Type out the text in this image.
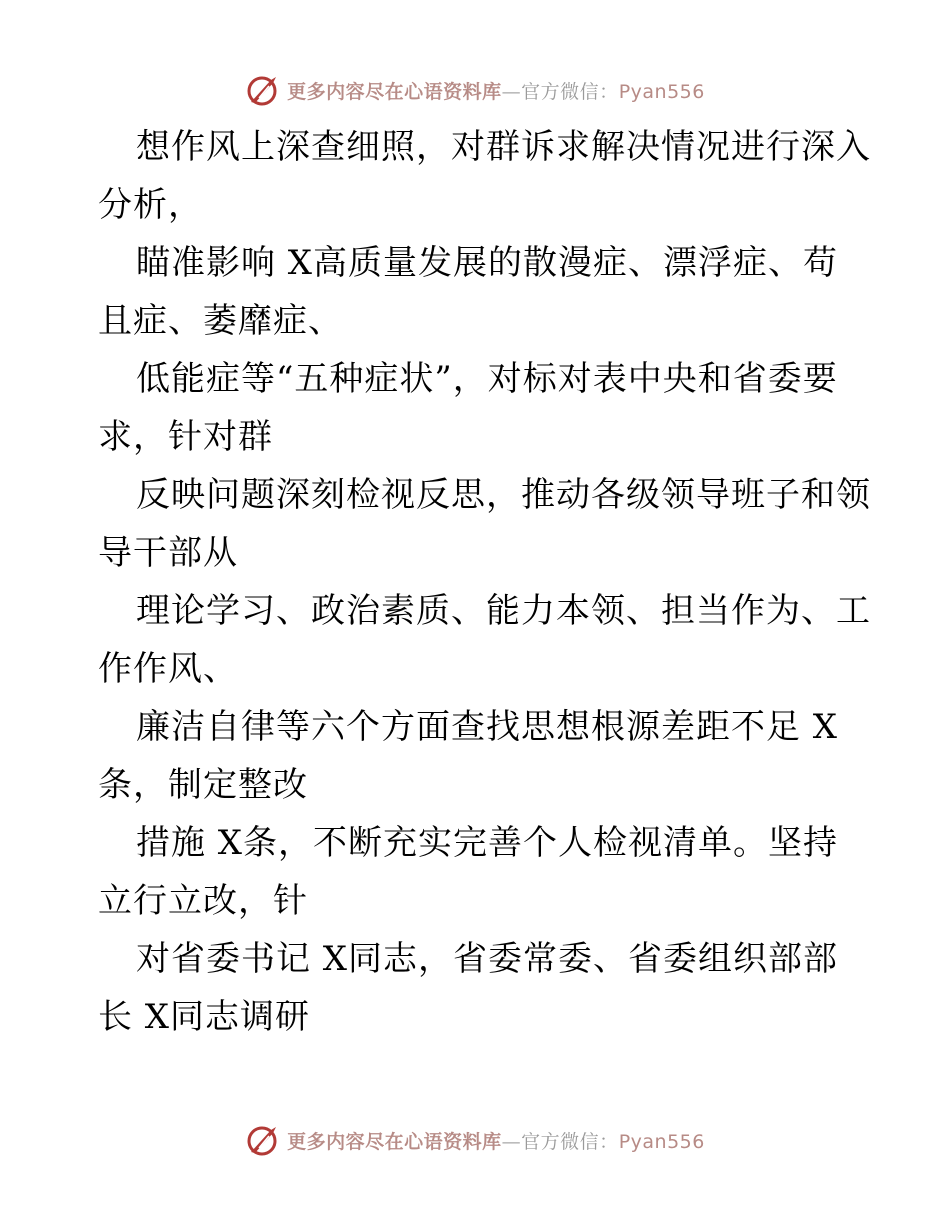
更多内容尽在心语资料库—官方微信：Pyan556

想作风上深查细照，对群诉求解决情况进行深入
分析，

瞄准影响 X高质量发展的散漫症、漂浮症、苟
且症、萎靡症、

低能症等“五种症状”，对标对表中央和省委要
求，针对群

反映问题深刻检视反思，推动各级领导班子和领
导干部从

理论学习、政治素质、能力本领、担当作为、工
作作风、

廉洁自律等六个方面查找思想根源差距不足 X
条，制定整改

措施 X条，不断充实完善个人检视清单。坚持
立行立改，针

对省委书记 X同志，省委常委、省委组织部部
长 X同志调研

更多内容尽在心语资料库—官方微信：Pyan556
